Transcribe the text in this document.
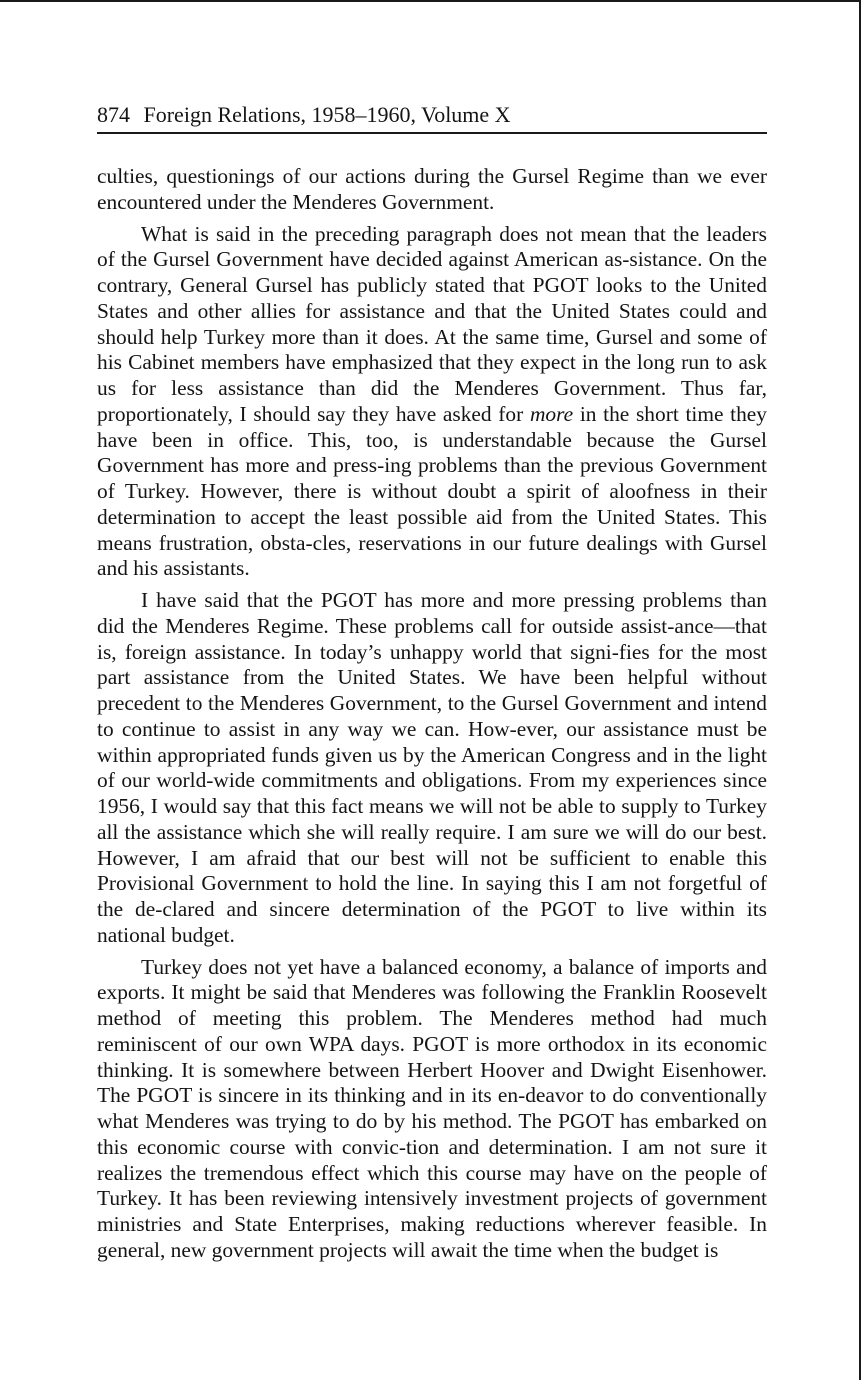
874 Foreign Relations, 1958–1960, Volume X

culties, questionings of our actions during the Gursel Regime than we ever encountered under the Menderes Government.

What is said in the preceding paragraph does not mean that the leaders of the Gursel Government have decided against American as-sistance. On the contrary, General Gursel has publicly stated that PGOT looks to the United States and other allies for assistance and that the United States could and should help Turkey more than it does. At the same time, Gursel and some of his Cabinet members have emphasized that they expect in the long run to ask us for less assistance than did the Menderes Government. Thus far, proportionately, I should say they have asked for more in the short time they have been in office. This, too, is understandable because the Gursel Government has more and press-ing problems than the previous Government of Turkey. However, there is without doubt a spirit of aloofness in their determination to accept the least possible aid from the United States. This means frustration, obsta-cles, reservations in our future dealings with Gursel and his assistants.

I have said that the PGOT has more and more pressing problems than did the Menderes Regime. These problems call for outside assist-ance—that is, foreign assistance. In today’s unhappy world that signi-fies for the most part assistance from the United States. We have been helpful without precedent to the Menderes Government, to the Gursel Government and intend to continue to assist in any way we can. How-ever, our assistance must be within appropriated funds given us by the American Congress and in the light of our world-wide commitments and obligations. From my experiences since 1956, I would say that this fact means we will not be able to supply to Turkey all the assistance which she will really require. I am sure we will do our best. However, I am afraid that our best will not be sufficient to enable this Provisional Government to hold the line. In saying this I am not forgetful of the de-clared and sincere determination of the PGOT to live within its national budget.

Turkey does not yet have a balanced economy, a balance of imports and exports. It might be said that Menderes was following the Franklin Roosevelt method of meeting this problem. The Menderes method had much reminiscent of our own WPA days. PGOT is more orthodox in its economic thinking. It is somewhere between Herbert Hoover and Dwight Eisenhower. The PGOT is sincere in its thinking and in its en-deavor to do conventionally what Menderes was trying to do by his method. The PGOT has embarked on this economic course with convic-tion and determination. I am not sure it realizes the tremendous effect which this course may have on the people of Turkey. It has been reviewing intensively investment projects of government ministries and State Enterprises, making reductions wherever feasible. In general, new government projects will await the time when the budget is
